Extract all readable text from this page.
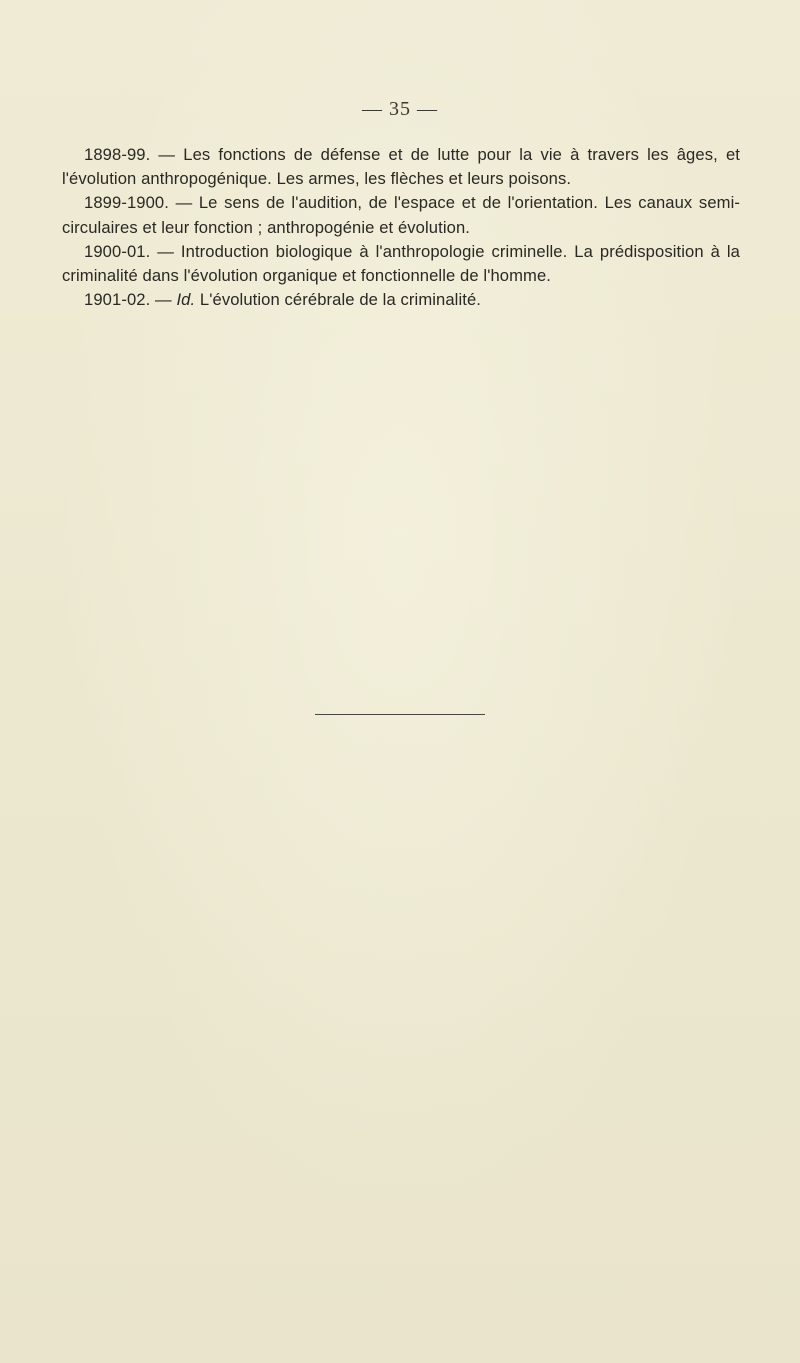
— 35 —

1898-99. — Les fonctions de défense et de lutte pour la vie à travers les âges, et l'évolution anthropogénique. Les armes, les flèches et leurs poisons.

1899-1900. — Le sens de l'audition, de l'espace et de l'orientation. Les canaux semi-circulaires et leur fonction ; anthropogénie et évolution.

1900-01. — Introduction biologique à l'anthropologie criminelle. La prédisposition à la criminalité dans l'évolution organique et fonctionnelle de l'homme.

1901-02. — Id. L'évolution cérébrale de la criminalité.
